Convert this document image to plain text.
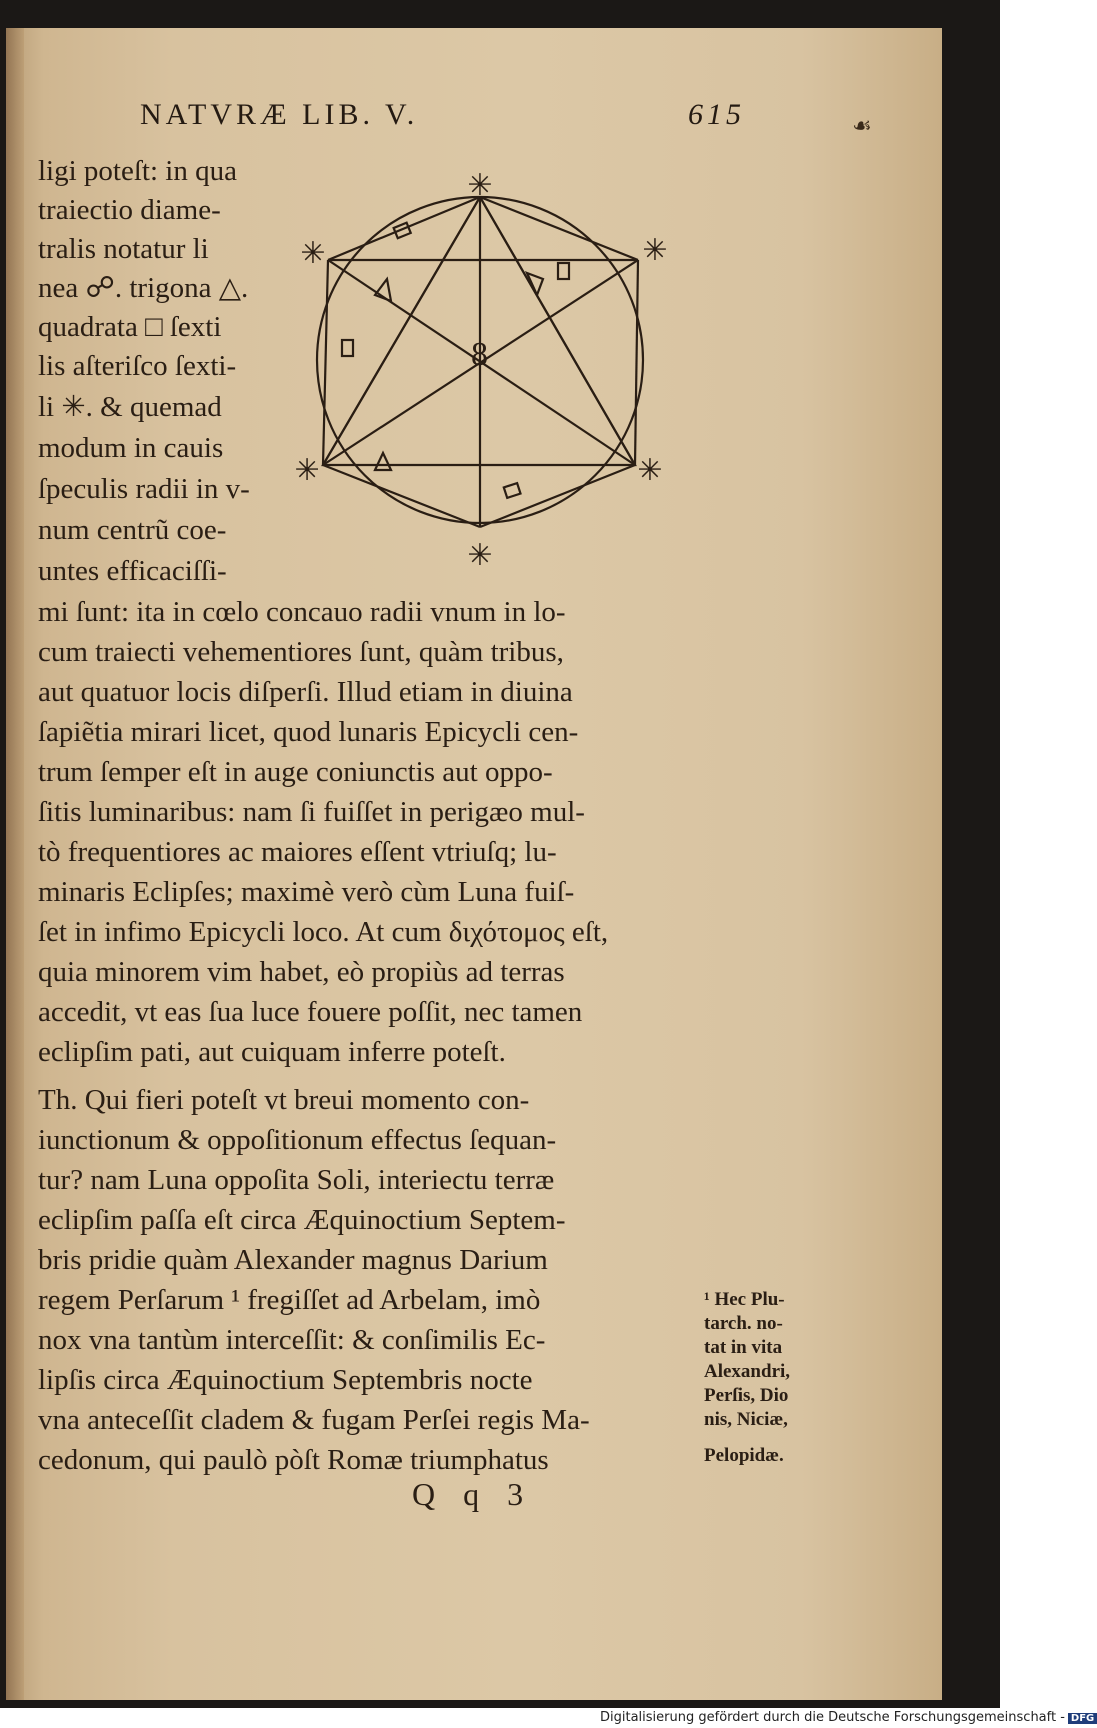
NATVRÆ LIB. V.	615	☙
8
✳
✳
✳
✳
✳
✳
ligi poteſt: in qua
traiectio diame-
tralis notatur li
nea ☍. trigona △.
quadrata □ ſexti
lis aſteriſco ſexti-
li ✳. & quemad
modum in cauis
ſpeculis radii in v-
num centrũ coe-
untes efficaciſſi-
mi ſunt: ita in cœlo concauo radii vnum in lo-
cum traiecti vehementiores ſunt, quàm tribus,
aut quatuor locis diſperſi. Illud etiam in diuina
ſapiẽtia mirari licet, quod lunaris Epicycli cen-
trum ſemper eſt in auge coniunctis aut oppo-
ſitis luminaribus: nam ſi fuiſſet in perigæo mul-
tò frequentiores ac maiores eſſent vtriuſq; lu-
minaris Eclipſes; maximè verò cùm Luna fuiſ-
ſet in infimo Epicycli loco. At cum διχότομος eſt,
quia minorem vim habet, eò propiùs ad terras
accedit, vt eas ſua luce fouere poſſit, nec tamen
eclipſim pati, aut cuiquam inferre poteſt.
Th. Qui fieri poteſt vt breui momento con-
iunctionum & oppoſitionum effectus ſequan-
tur? nam Luna oppoſita Soli, interiectu terræ
eclipſim paſſa eſt circa Æquinoctium Septem-
bris pridie quàm Alexander magnus Darium
regem Perſarum ¹ fregiſſet ad Arbelam, imò
nox vna tantùm interceſſit: & conſimilis Ec-
lipſis circa Æquinoctium Septembris nocte
vna anteceſſit cladem & fugam Perſei regis Ma-
cedonum, qui paulò pòſt Romæ triumphatus
¹ Hec Plu-
tarch. no-
tat in vita
Alexandri,
Perſis, Dio
nis, Niciæ,
Pelopidæ.
Q q 3
Digitalisierung gefördert durch die Deutsche Forschungsgemeinschaft - DFG
